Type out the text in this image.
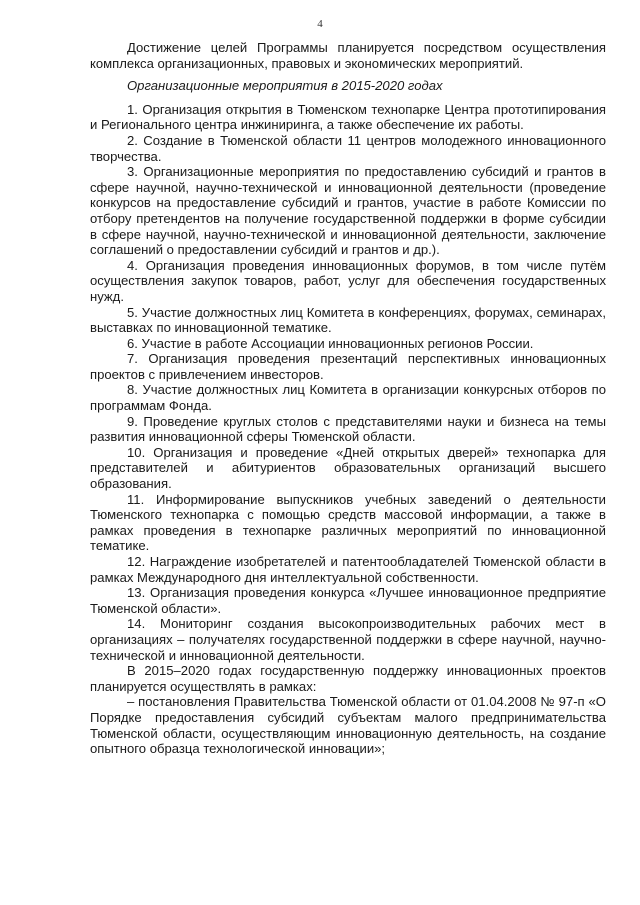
4

Достижение целей Программы планируется посредством осуществления комплекса организационных, правовых и экономических мероприятий.

Организационные мероприятия в 2015-2020 годах

1. Организация открытия в Тюменском технопарке Центра прототипирования и Регионального центра инжиниринга, а также обеспечение их работы.

2. Создание в Тюменской области 11 центров молодежного инновационного творчества.

3. Организационные мероприятия по предоставлению субсидий и грантов в сфере научной, научно-технической и инновационной деятельности (проведение конкурсов на предоставление субсидий и грантов, участие в работе Комиссии по отбору претендентов на получение государственной поддержки в форме субсидии в сфере научной, научно-технической и инновационной деятельности, заключение соглашений о предоставлении субсидий и грантов и др.).

4. Организация проведения инновационных форумов, в том числе путём осуществления закупок товаров, работ, услуг для обеспечения государственных нужд.

5. Участие должностных лиц Комитета в конференциях, форумах, семинарах, выставках по инновационной тематике.

6. Участие в работе Ассоциации инновационных регионов России.

7. Организация проведения презентаций перспективных инновационных проектов с привлечением инвесторов.

8. Участие должностных лиц Комитета в организации конкурсных отборов по программам Фонда.

9. Проведение круглых столов с представителями науки и бизнеса на темы развития инновационной сферы Тюменской области.

10. Организация и проведение «Дней открытых дверей» технопарка для представителей и абитуриентов образовательных организаций высшего образования.

11. Информирование выпускников учебных заведений о деятельности Тюменского технопарка с помощью средств массовой информации, а также в рамках проведения в технопарке различных мероприятий по инновационной тематике.

12. Награждение изобретателей и патентообладателей Тюменской области в рамках Международного дня интеллектуальной собственности.

13. Организация проведения конкурса «Лучшее инновационное предприятие Тюменской области».

14. Мониторинг создания высокопроизводительных рабочих мест в организациях – получателях государственной поддержки в сфере научной, научно-технической и инновационной деятельности.

В 2015–2020 годах государственную поддержку инновационных проектов планируется осуществлять в рамках:

– постановления Правительства Тюменской области от 01.04.2008 № 97-п «О Порядке предоставления субсидий субъектам малого предпринимательства Тюменской области, осуществляющим инновационную деятельность, на создание опытного образца технологической инновации»;
